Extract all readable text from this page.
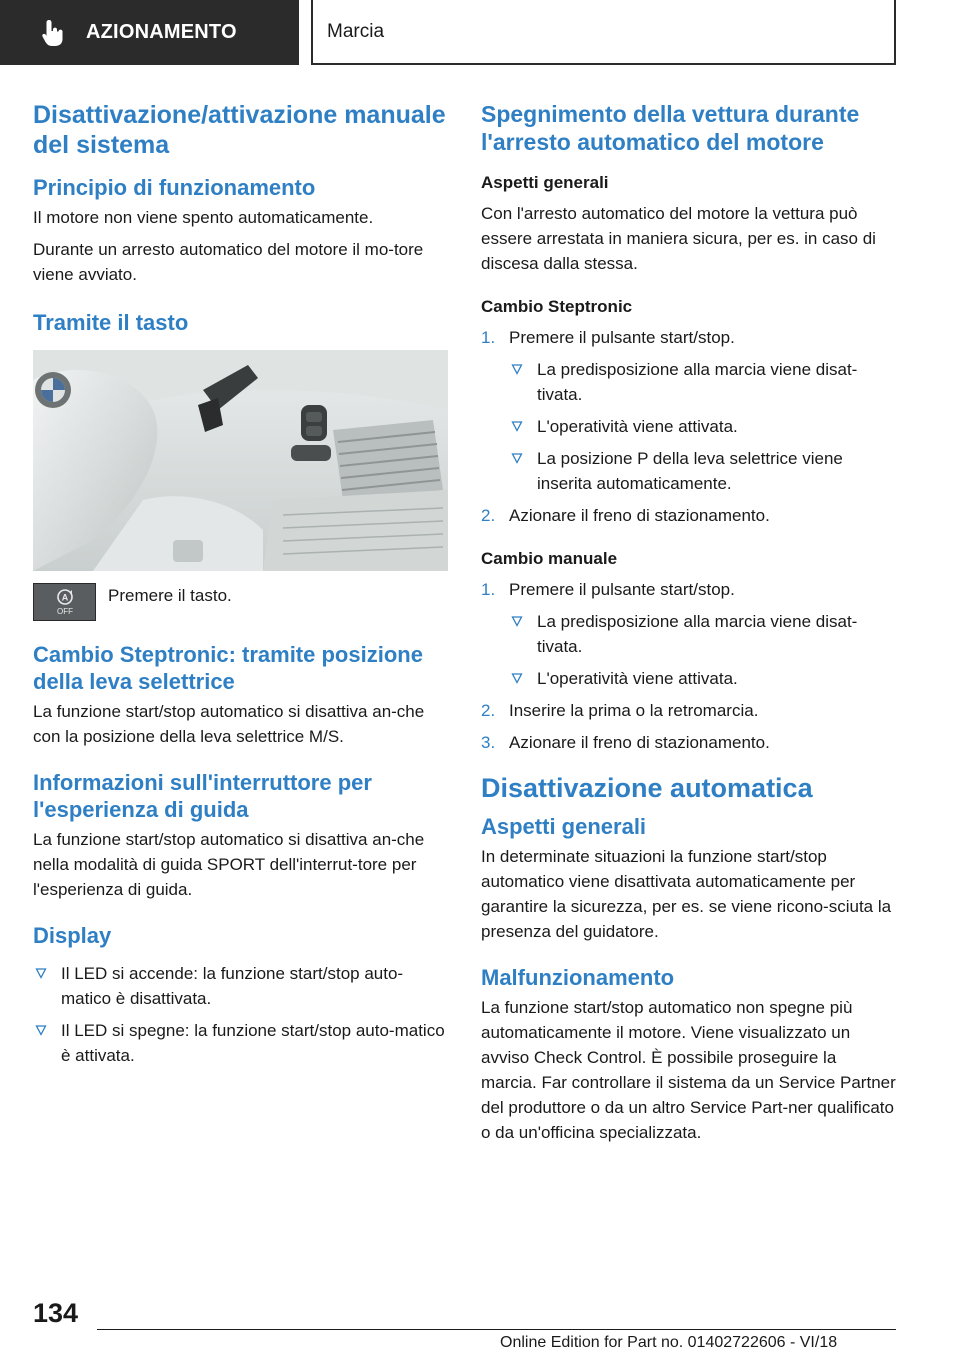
AZIONAMENTO	Marcia
Disattivazione/attivazione manuale del sistema
Principio di funzionamento

Il motore non viene spento automaticamente.

Durante un arresto automatico del motore il mo‐tore viene avviato.

Tramite il tasto
A
OFF
Premere il tasto.
Cambio Steptronic: tramite posizione della leva selettrice

La funzione start/stop automatico si disattiva an‐che con la posizione della leva selettrice M/S.

Informazioni sull'interruttore per l'esperienza di guida

La funzione start/stop automatico si disattiva an‐che nella modalità di guida SPORT dell'interrut‐tore per l'esperienza di guida.

Display
Il LED si accende: la funzione start/stop auto‐matico è disattivata.
Il LED si spegne: la funzione start/stop auto‐matico è attivata.
Spegnimento della vettura durante l'arresto automatico del motore
Aspetti generali

Con l'arresto automatico del motore la vettura può essere arrestata in maniera sicura, per es. in caso di discesa dalla stessa.

Cambio Steptronic
1. Premere il pulsante start/stop.
La predisposizione alla marcia viene disat‐tivata.
L'operatività viene attivata.
La posizione P della leva selettrice viene inserita automaticamente.
2. Azionare il freno di stazionamento.
Cambio manuale
1. Premere il pulsante start/stop.
La predisposizione alla marcia viene disat‐tivata.
L'operatività viene attivata.
2. Inserire la prima o la retromarcia.
3. Azionare il freno di stazionamento.
Disattivazione automatica
Aspetti generali

In determinate situazioni la funzione start/stop automatico viene disattivata automaticamente per garantire la sicurezza, per es. se viene ricono‐sciuta la presenza del guidatore.

Malfunzionamento

La funzione start/stop automatico non spegne più automaticamente il motore. Viene visualizzato un avviso Check Control. È possibile proseguire la marcia. Far controllare il sistema da un Service Partner del produttore o da un altro Service Part‐ner qualificato o da un'officina specializzata.

134
Online Edition for Part no. 01402722606 - VI/18
